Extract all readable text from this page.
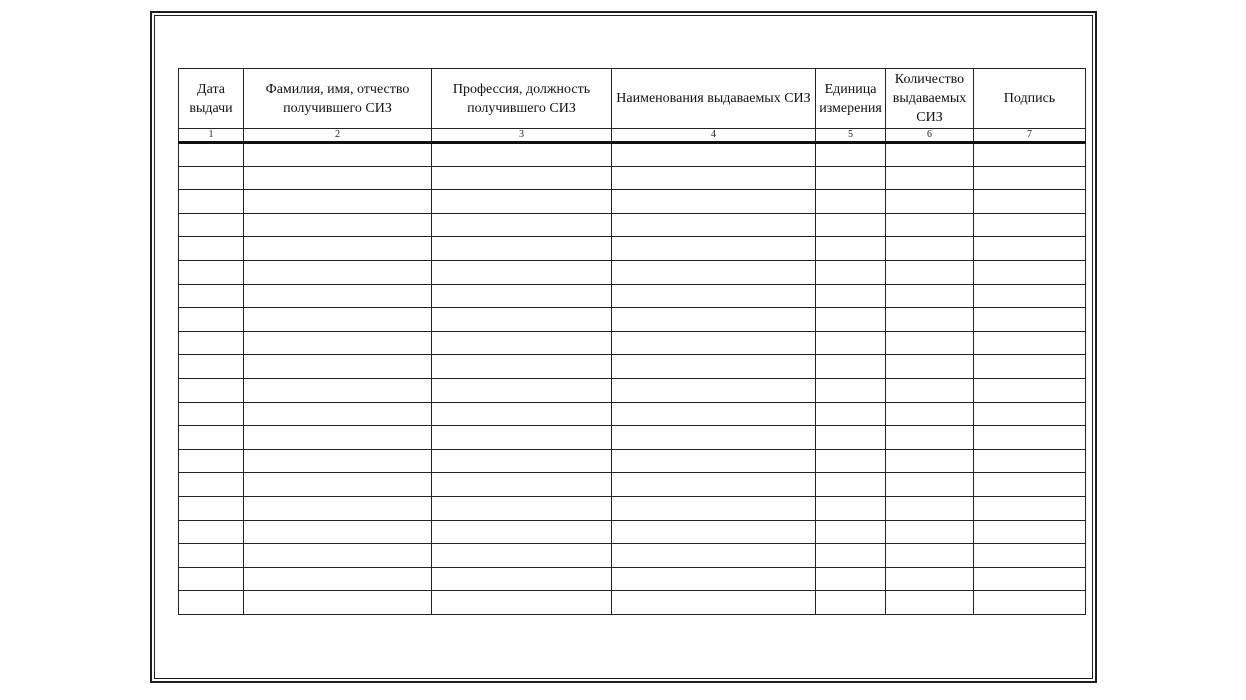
Дата выдачи	Фамилия, имя, отчество получившего СИЗ	Профессия, должность получившего СИЗ	Наименования выдаваемых СИЗ	Единица измерения	Количество выдаваемых СИЗ	Подпись
1	2	3	4	5	6	7
